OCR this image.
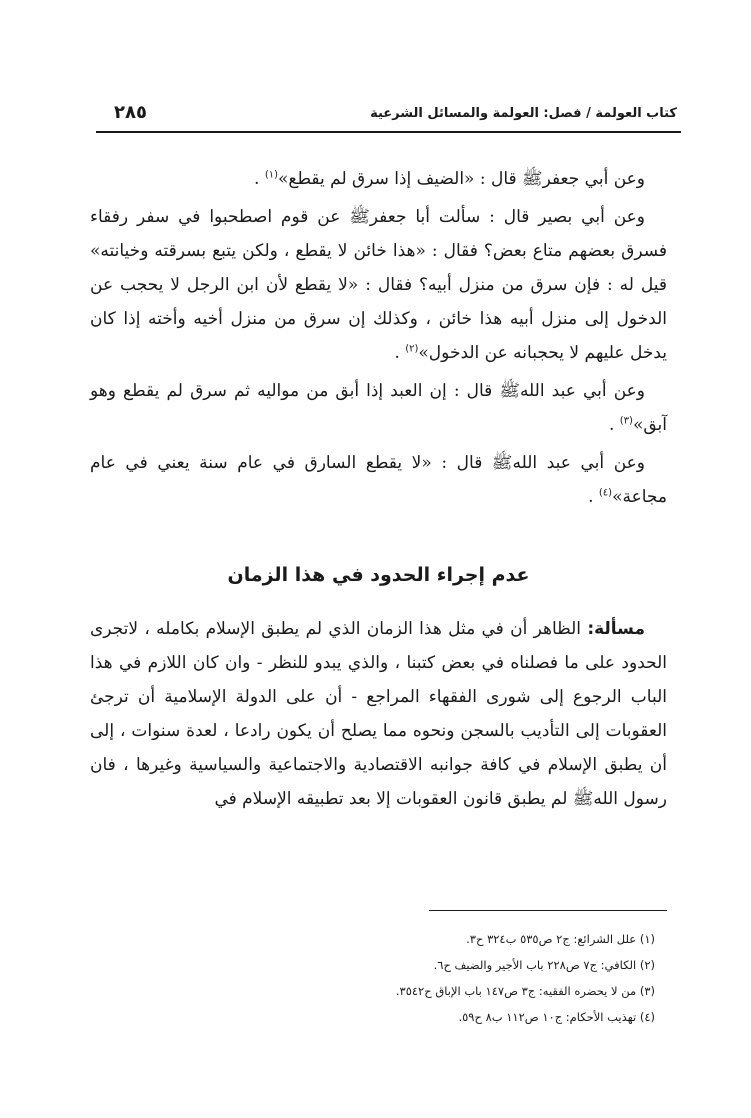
كتاب العولمة / فصل: العولمة والمسائل الشرعية
٢٨٥

وعن أبي جعفرﷺ قال : «الضيف إذا سرق لم يقطع»$^{(١)}$ .

وعن أبي بصير قال : سألت أبا جعفرﷺ عن قوم اصطحبوا في سفر رفقاء فسرق بعضهم متاع بعض؟ فقال : «هذا خائن لا يقطع ، ولكن يتبع بسرقته وخيانته» قيل له : فإن سرق من منزل أبيه؟ فقال : «لا يقطع لأن ابن الرجل لا يحجب عن الدخول إلى منزل أبيه هذا خائن ، وكذلك إن سرق من منزل أخيه وأخته إذا كان يدخل عليهم لا يحجبانه عن الدخول»$^{(٢)}$ .

وعن أبي عبد اللهﷺ قال : إن العبد إذا أبق من مواليه ثم سرق لم يقطع وهو آبق»$^{(٣)}$ .

وعن أبي عبد اللهﷺ قال : «لا يقطع السارق في عام سنة يعني في عام مجاعة»$^{(٤)}$ .

عدم إجراء الحدود في هذا الزمان

مسألة: الظاهر أن في مثل هذا الزمان الذي لم يطبق الإسلام بكامله ، لاتجرى الحدود على ما فصلناه في بعض كتبنا ، والذي يبدو للنظر - وان كان اللازم في هذا الباب الرجوع إلى شورى الفقهاء المراجع - أن على الدولة الإسلامية أن ترجئ العقوبات إلى التأديب بالسجن ونحوه مما يصلح أن يكون رادعا ، لعدة سنوات ، إلى أن يطبق الإسلام في كافة جوانبه الاقتصادية والاجتماعية والسياسية وغيرها ، فان رسول اللهﷺ لم يطبق قانون العقوبات إلا بعد تطبيقه الإسلام في

(١) علل الشرائع: ج٢ ص٥٣٥ ب٣٢٤ ح٣.

(٢) الكافي: ج٧ ص٢٢٨ باب الأجير والضيف ح٦.

(٣) من لا يحضره الفقيه: ج٣ ص١٤٧ باب الإباق ح٣٥٤٢.

(٤) تهذيب الأحكام: ج١٠ ص١١٢ ب٨ ح٥٩.
